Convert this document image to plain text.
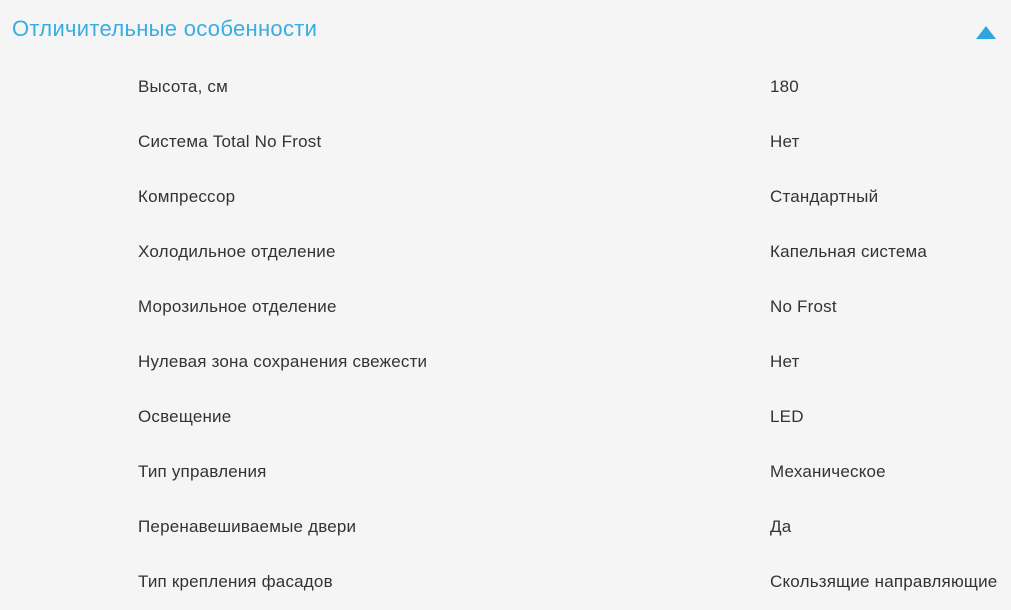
Отличительные особенности
Высота, см	180
Система Total No Frost	Нет
Компрессор	Стандартный
Холодильное отделение	Капельная система
Морозильное отделение	No Frost
Нулевая зона сохранения свежести	Нет
Освещение	LED
Тип управления	Механическое
Перенавешиваемые двери	Да
Тип крепления фасадов	Скользящие направляющие
